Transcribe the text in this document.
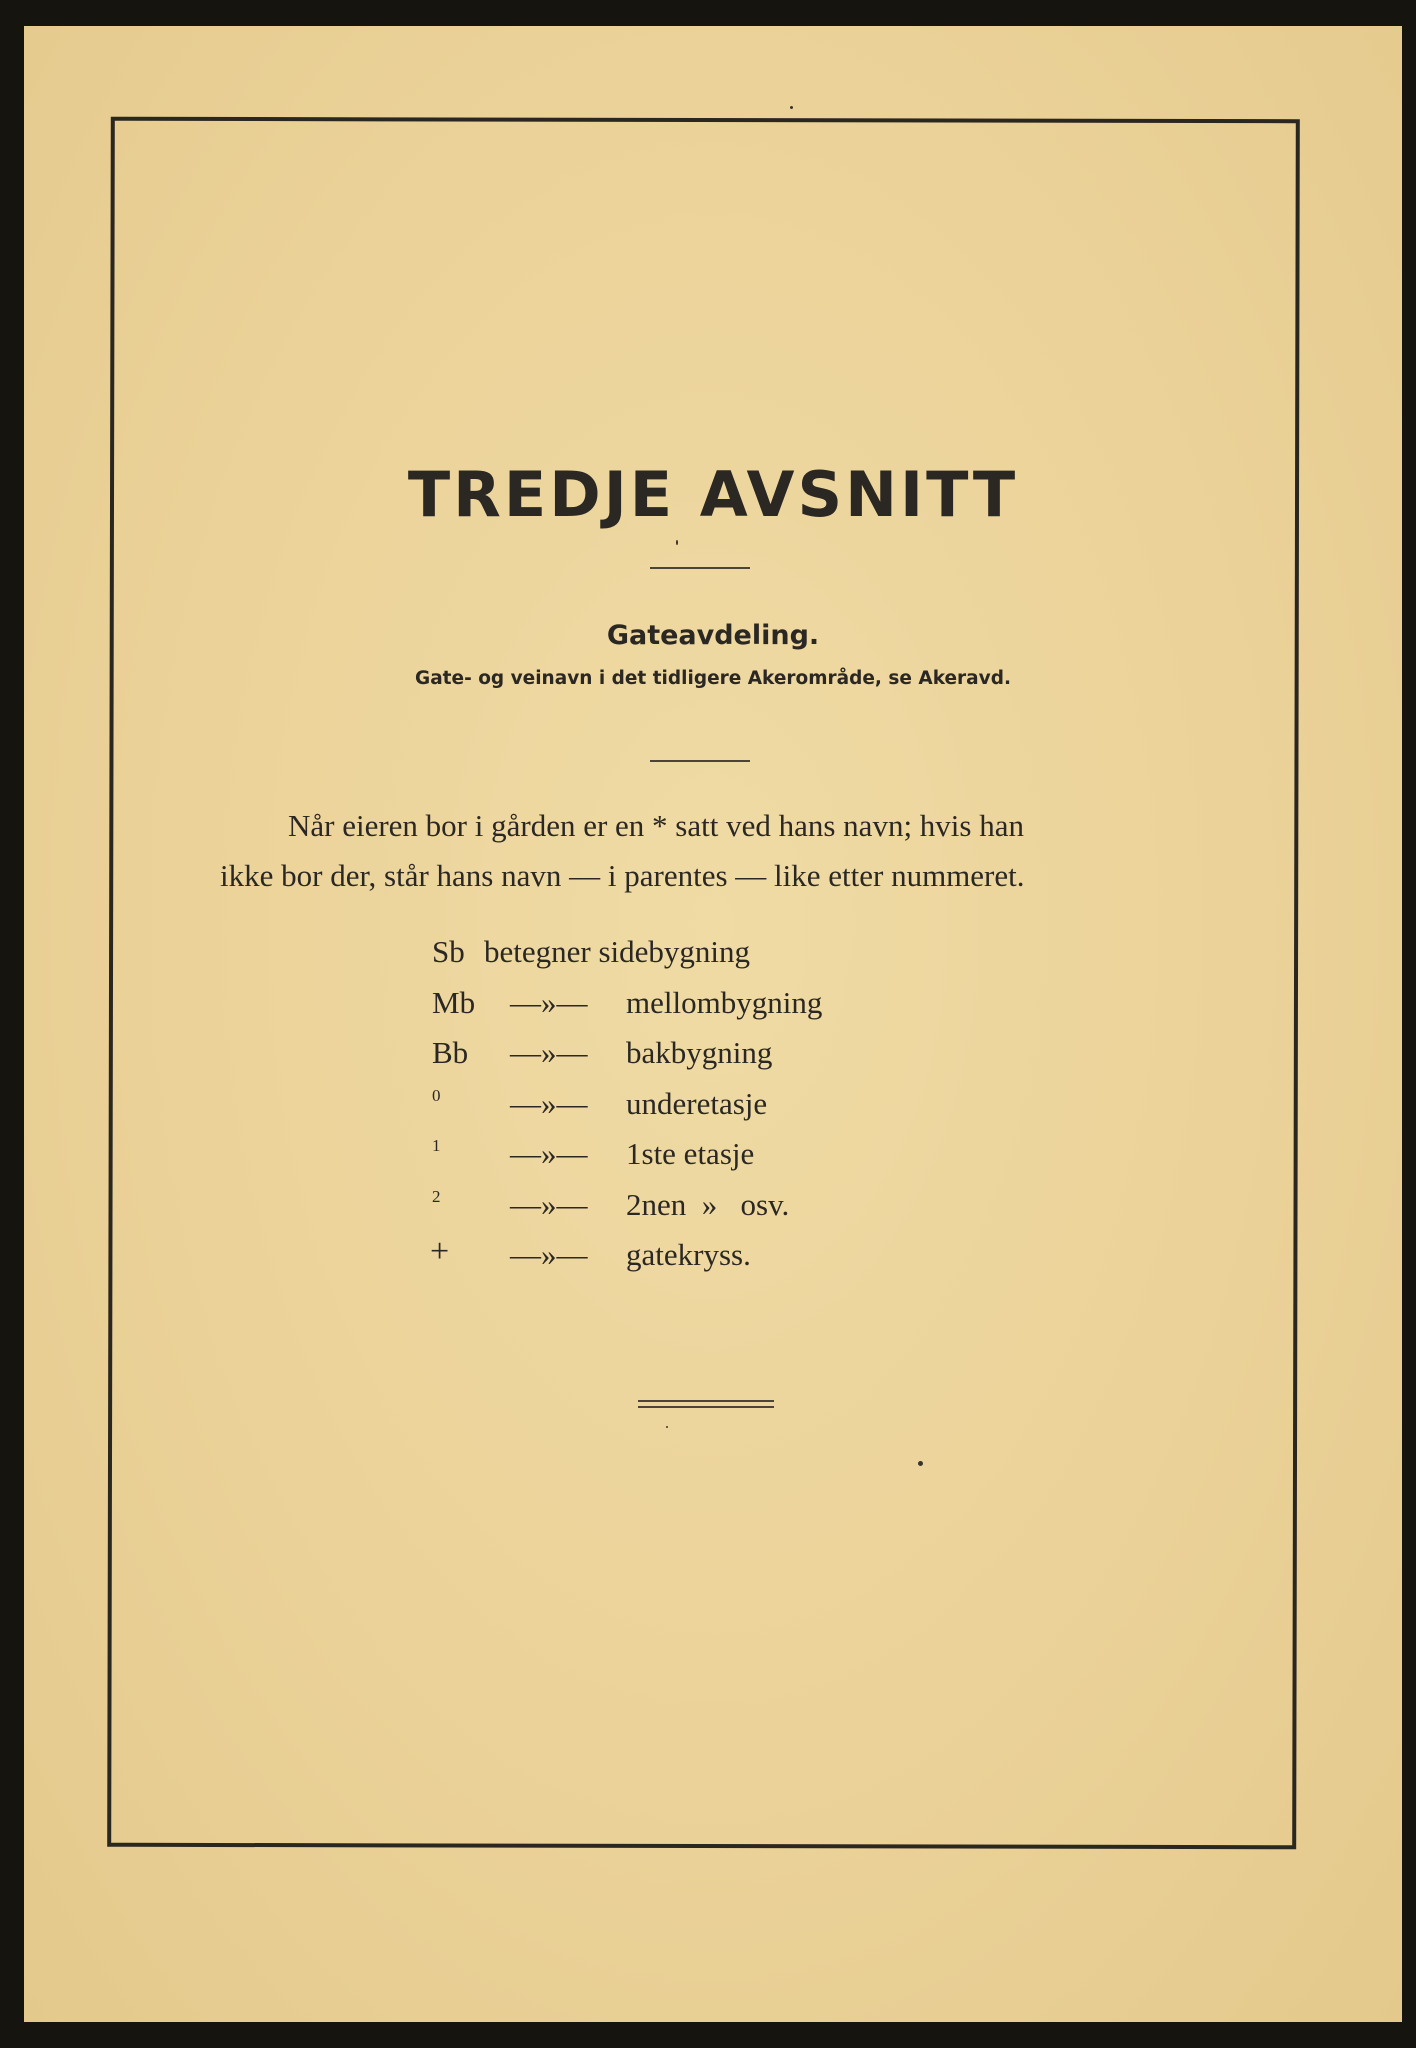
TREDJE AVSNITT
Gateavdeling.
Gate- og veinavn i det tidligere Akerområde, se Akeravd.
Når eieren bor i gården er en * satt ved hans navn; hvis han
ikke bor der, står hans navn — i parentes — like etter nummeret.
Sb betegner sidebygning
Mb —»— mellombygning
Bb —»— bakbygning
0 —»— underetasje
1 —»— 1ste etasje
2 —»— 2nen  »   osv.
+ —»— gatekryss.
